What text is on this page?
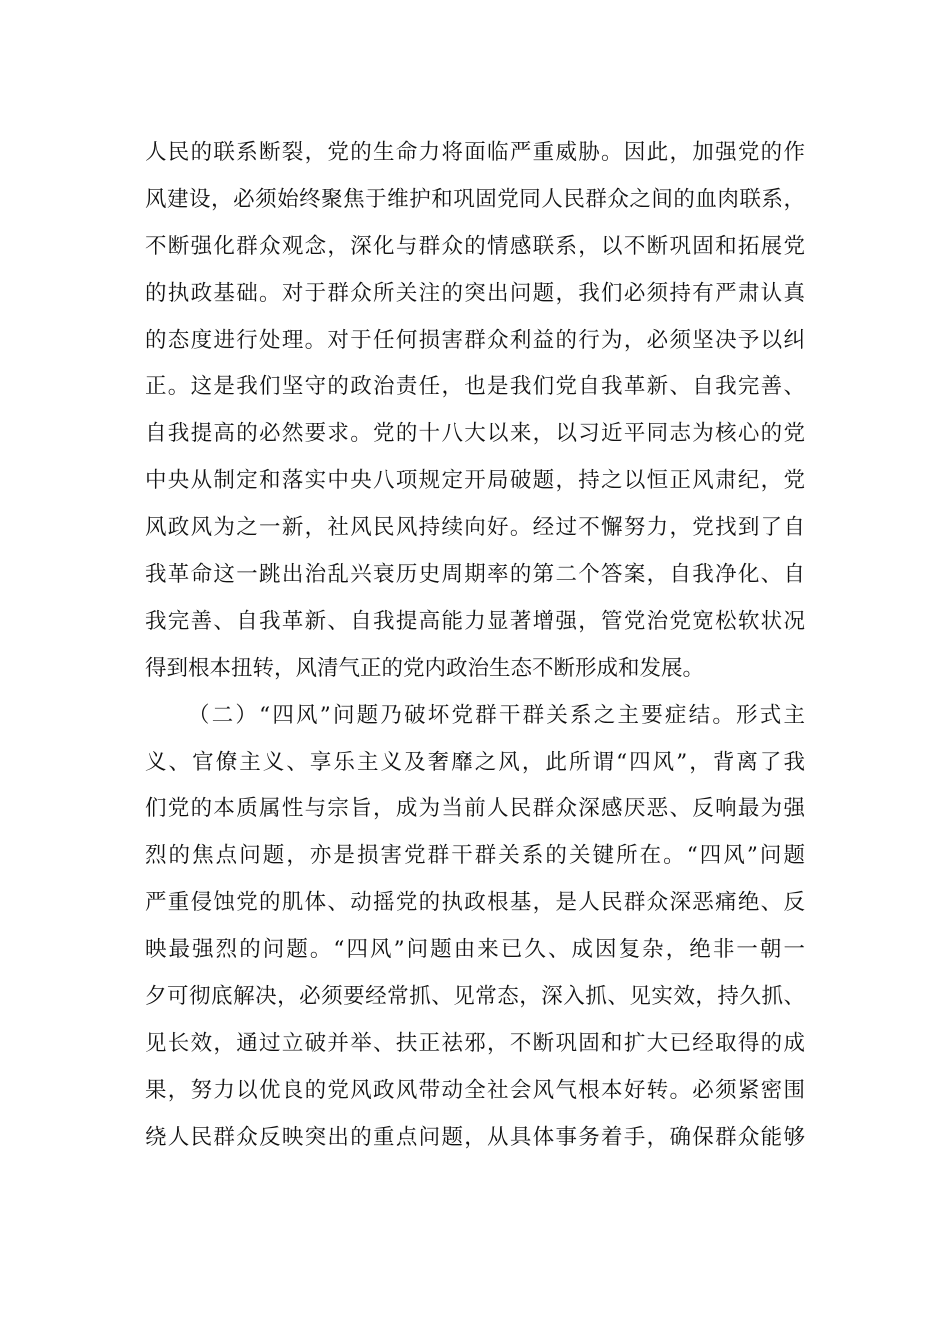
人民的联系断裂，党的生命力将面临严重威胁。因此，加强党的作
风建设，必须始终聚焦于维护和巩固党同人民群众之间的血肉联系，
不断强化群众观念，深化与群众的情感联系，以不断巩固和拓展党
的执政基础。对于群众所关注的突出问题，我们必须持有严肃认真
的态度进行处理。对于任何损害群众利益的行为，必须坚决予以纠
正。这是我们坚守的政治责任，也是我们党自我革新、自我完善、
自我提高的必然要求。党的十八大以来，以习近平同志为核心的党
中央从制定和落实中央八项规定开局破题，持之以恒正风肃纪，党
风政风为之一新，社风民风持续向好。经过不懈努力，党找到了自
我革命这一跳出治乱兴衰历史周期率的第二个答案，自我净化、自
我完善、自我革新、自我提高能力显著增强，管党治党宽松软状况
得到根本扭转，风清气正的党内政治生态不断形成和发展。
（二）“四风”问题乃破坏党群干群关系之主要症结。形式主
义、官僚主义、享乐主义及奢靡之风，此所谓“四风”，背离了我
们党的本质属性与宗旨，成为当前人民群众深感厌恶、反响最为强
烈的焦点问题，亦是损害党群干群关系的关键所在。“四风”问题
严重侵蚀党的肌体、动摇党的执政根基，是人民群众深恶痛绝、反
映最强烈的问题。“四风”问题由来已久、成因复杂，绝非一朝一
夕可彻底解决，必须要经常抓、见常态，深入抓、见实效，持久抓、
见长效，通过立破并举、扶正祛邪，不断巩固和扩大已经取得的成
果，努力以优良的党风政风带动全社会风气根本好转。必须紧密围
绕人民群众反映突出的重点问题，从具体事务着手，确保群众能够
